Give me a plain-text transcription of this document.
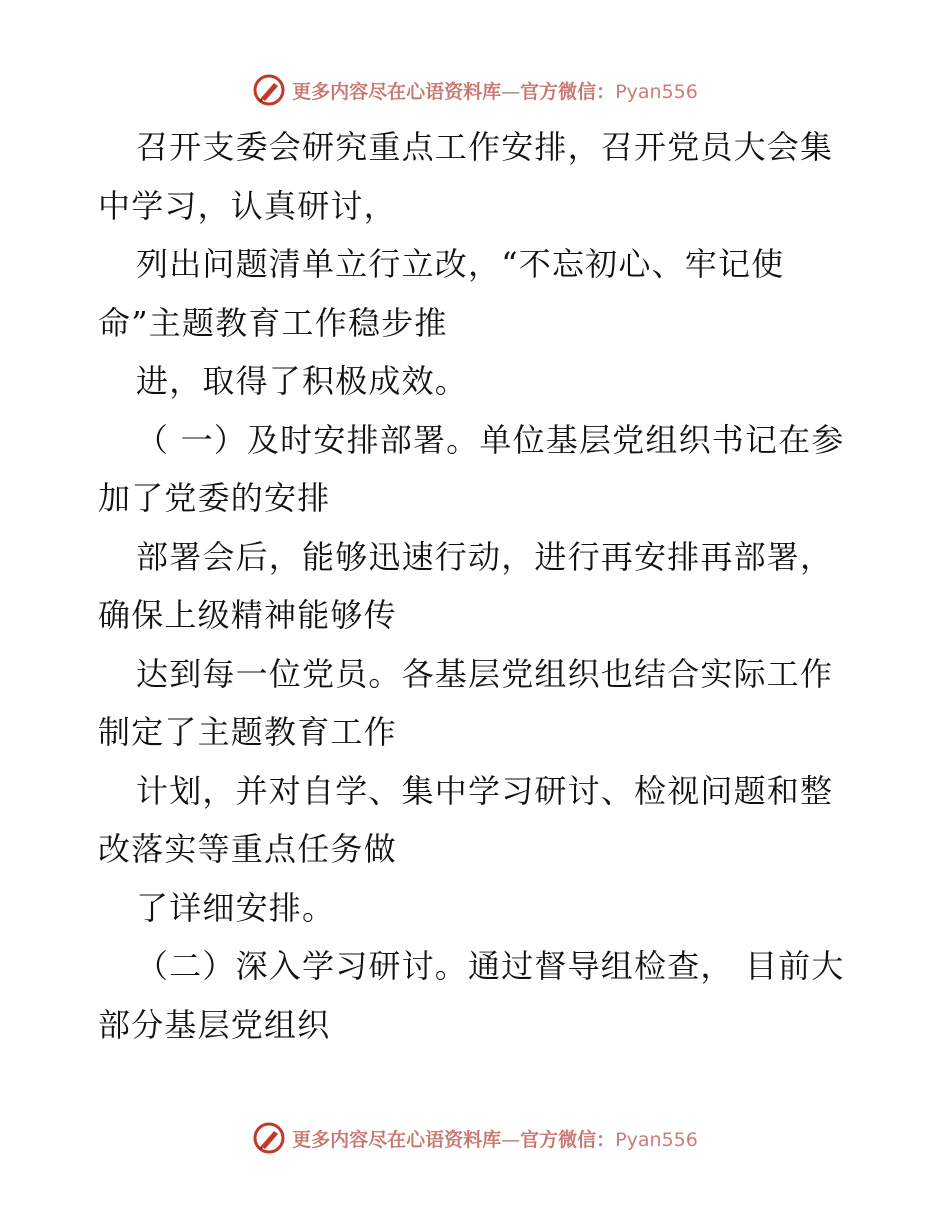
更多内容尽在心语资料库—官方微信：Pyan556

召开支委会研究重点工作安排，召开党员大会集
中学习，认真研讨，
列出问题清单立行立改，“不忘初心、牢记使
命”主题教育工作稳步推
进，取得了积极成效。
（ 一）及时安排部署。单位基层党组织书记在参
加了党委的安排
部署会后，能够迅速行动，进行再安排再部署，
确保上级精神能够传
达到每一位党员。各基层党组织也结合实际工作
制定了主题教育工作
计划，并对自学、集中学习研讨、检视问题和整
改落实等重点任务做
了详细安排。
（二）深入学习研讨。通过督导组检查， 目前大
部分基层党组织

更多内容尽在心语资料库—官方微信：Pyan556
